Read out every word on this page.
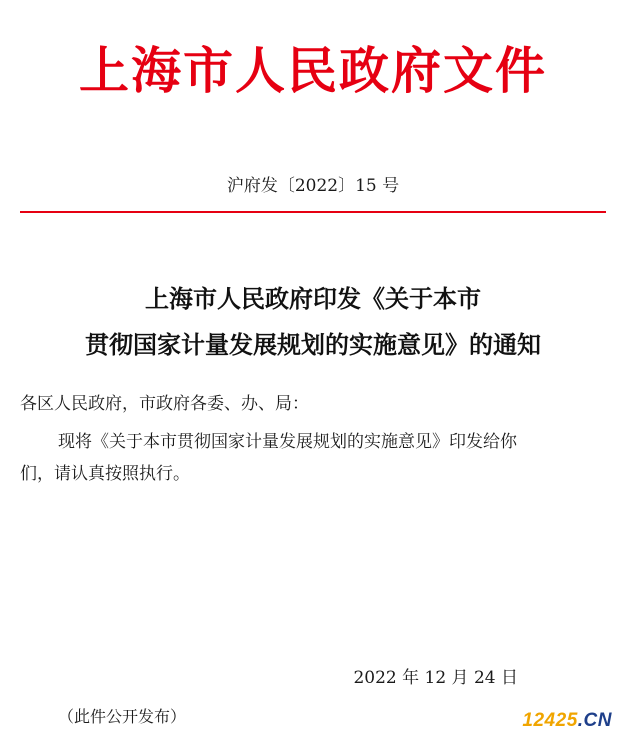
上海市人民政府文件
沪府发〔2022〕15 号
上海市人民政府印发《关于本市
贯彻国家计量发展规划的实施意见》的通知
各区人民政府，市政府各委、办、局：
现将《关于本市贯彻国家计量发展规划的实施意见》印发给你
们，请认真按照执行。
2022 年 12 月 24 日
（此件公开发布）	12425.CN
